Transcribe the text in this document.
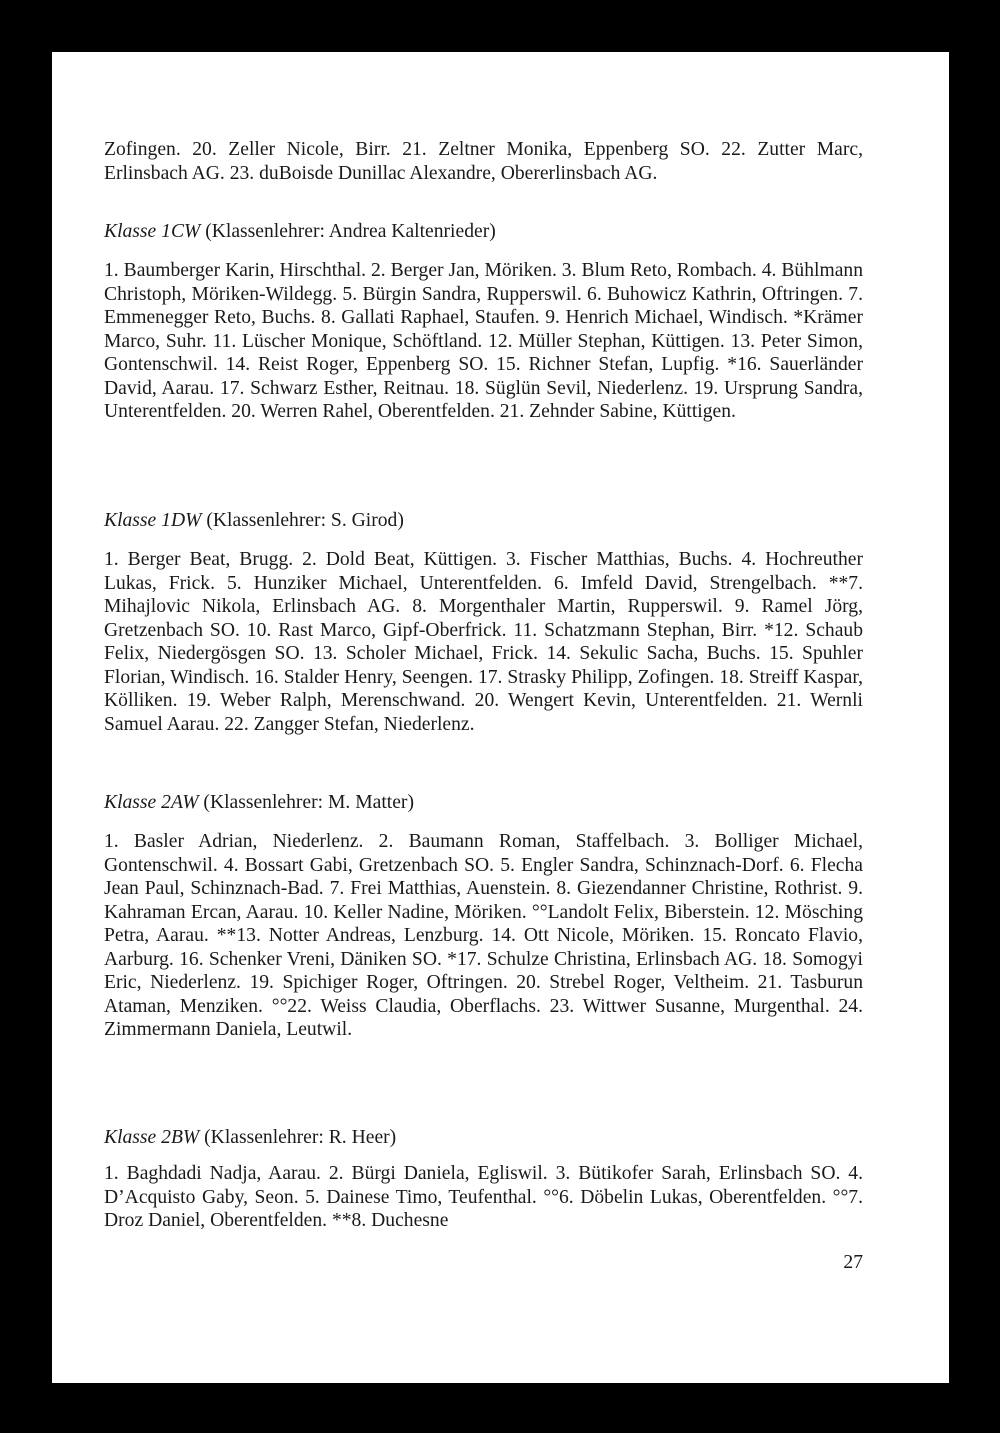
Zofingen. 20. Zeller Nicole, Birr. 21. Zeltner Monika, Eppenberg SO. 22. Zutter Marc, Erlinsbach AG. 23. duBoisde Dunillac Alexandre, Obererlinsbach AG.

Klasse 1CW (Klassenlehrer: Andrea Kaltenrieder)

1. Baumberger Karin, Hirschthal. 2. Berger Jan, Möriken. 3. Blum Reto, Rombach. 4. Bühlmann Christoph, Möriken-Wildegg. 5. Bürgin Sandra, Rupperswil. 6. Buhowicz Kathrin, Oftringen. 7. Emmenegger Reto, Buchs. 8. Gallati Raphael, Staufen. 9. Henrich Michael, Windisch. *Krämer Marco, Suhr. 11. Lüscher Monique, Schöftland. 12. Müller Stephan, Küttigen. 13. Peter Simon, Gontenschwil. 14. Reist Roger, Eppenberg SO. 15. Richner Stefan, Lupfig. *16. Sauerländer David, Aarau. 17. Schwarz Esther, Reitnau. 18. Süglün Sevil, Niederlenz. 19. Ursprung Sandra, Unterentfelden. 20. Werren Rahel, Oberentfelden. 21. Zehnder Sabine, Küttigen.

Klasse 1DW (Klassenlehrer: S. Girod)

1. Berger Beat, Brugg. 2. Dold Beat, Küttigen. 3. Fischer Matthias, Buchs. 4. Hochreuther Lukas, Frick. 5. Hunziker Michael, Unterentfelden. 6. Imfeld David, Strengelbach. **7. Mihajlovic Nikola, Erlinsbach AG. 8. Morgenthaler Martin, Rupperswil. 9. Ramel Jörg, Gretzenbach SO. 10. Rast Marco, Gipf-Oberfrick. 11. Schatzmann Stephan, Birr. *12. Schaub Felix, Niedergösgen SO. 13. Scholer Michael, Frick. 14. Sekulic Sacha, Buchs. 15. Spuhler Florian, Windisch. 16. Stalder Henry, Seengen. 17. Strasky Philipp, Zofingen. 18. Streiff Kaspar, Kölliken. 19. Weber Ralph, Merenschwand. 20. Wengert Kevin, Unterentfelden. 21. Wernli Samuel Aarau. 22. Zangger Stefan, Niederlenz.

Klasse 2AW (Klassenlehrer: M. Matter)

1. Basler Adrian, Niederlenz. 2. Baumann Roman, Staffelbach. 3. Bolliger Michael, Gontenschwil. 4. Bossart Gabi, Gretzenbach SO. 5. Engler Sandra, Schinznach-Dorf. 6. Flecha Jean Paul, Schinznach-Bad. 7. Frei Matthias, Auenstein. 8. Giezendanner Christine, Rothrist. 9. Kahraman Ercan, Aarau. 10. Keller Nadine, Möriken. °°Landolt Felix, Biberstein. 12. Mösching Petra, Aarau. **13. Notter Andreas, Lenzburg. 14. Ott Nicole, Möriken. 15. Roncato Flavio, Aarburg. 16. Schenker Vreni, Däniken SO. *17. Schulze Christina, Erlinsbach AG. 18. Somogyi Eric, Niederlenz. 19. Spichiger Roger, Oftringen. 20. Strebel Roger, Veltheim. 21. Tasburun Ataman, Menziken. °°22. Weiss Claudia, Oberflachs. 23. Wittwer Susanne, Murgenthal. 24. Zimmermann Daniela, Leutwil.

Klasse 2BW (Klassenlehrer: R. Heer)

1. Baghdadi Nadja, Aarau. 2. Bürgi Daniela, Egliswil. 3. Bütikofer Sarah, Erlinsbach SO. 4. D’Acquisto Gaby, Seon. 5. Dainese Timo, Teufenthal. °°6. Döbelin Lukas, Oberentfelden. °°7. Droz Daniel, Oberentfelden. **8. Duchesne

27
